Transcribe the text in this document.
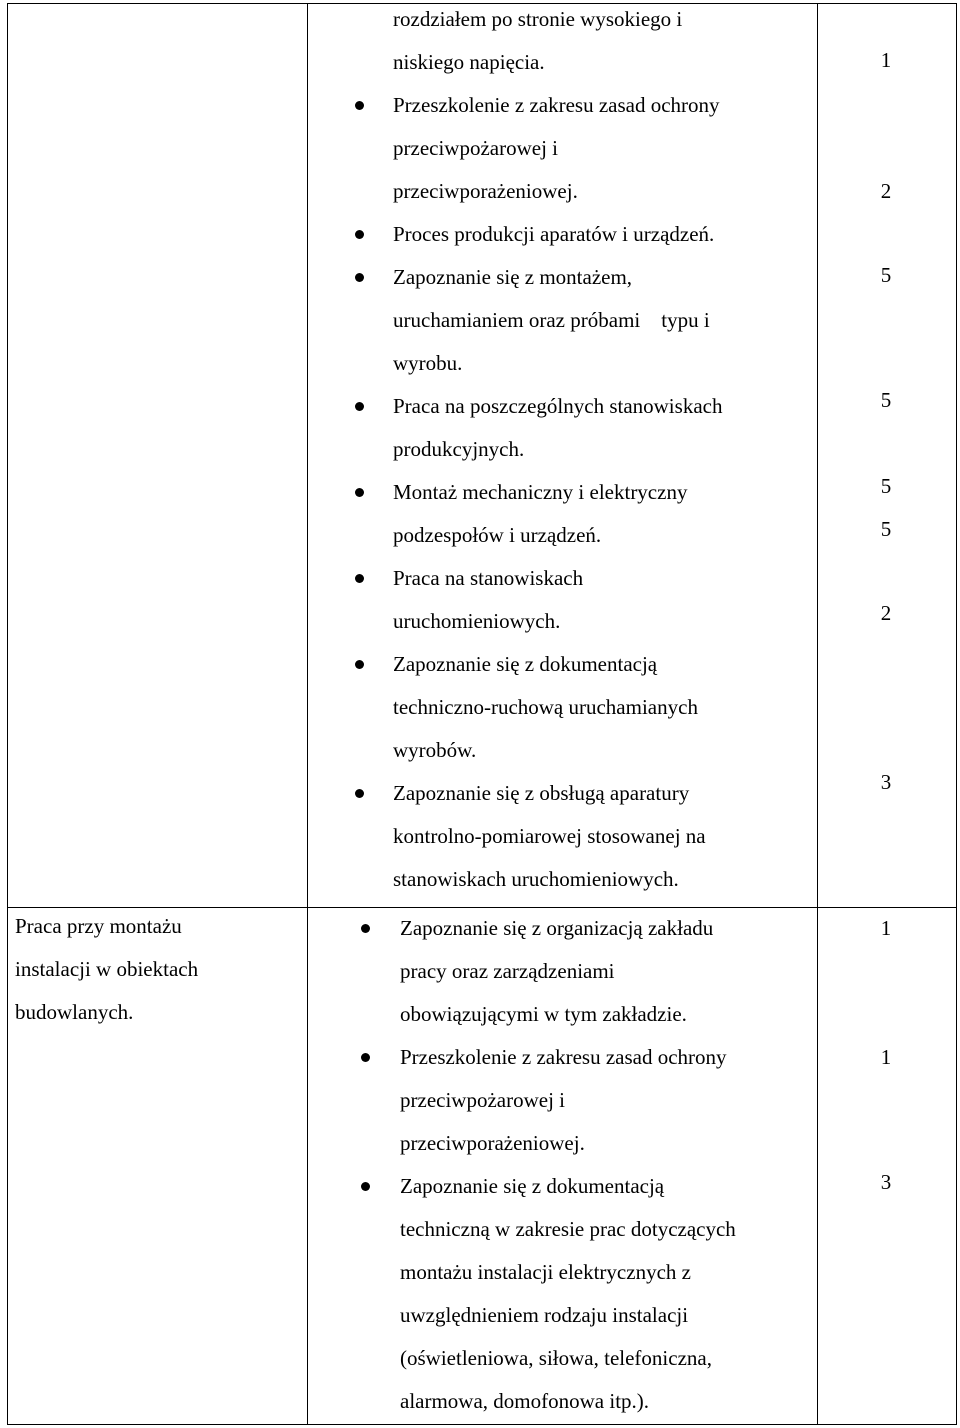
rozdziałem po stronie wysokiego i
niskiego napięcia.
Przeszkolenie z zakresu zasad ochrony
przeciwpożarowej i
przeciwporażeniowej.
Proces produkcji aparatów i urządzeń.
Zapoznanie się z montażem,
uruchamianiem oraz próbami    typu i
wyrobu.
Praca na poszczególnych stanowiskach
produkcyjnych.
Montaż mechaniczny i elektryczny
podzespołów i urządzeń.
Praca na stanowiskach
uruchomieniowych.
Zapoznanie się z dokumentacją
techniczno-ruchową uruchamianych
wyrobów.
Zapoznanie się z obsługą aparatury
kontrolno-pomiarowej stosowanej na
stanowiskach uruchomieniowych.
1
2
5
5
5
5
2
3
Praca przy montażu
instalacji w obiektach
budowlanych.
Zapoznanie się z organizacją zakładu
pracy oraz zarządzeniami
obowiązującymi w tym zakładzie.
Przeszkolenie z zakresu zasad ochrony
przeciwpożarowej i
przeciwporażeniowej.
Zapoznanie się z dokumentacją
techniczną w zakresie prac dotyczących
montażu instalacji elektrycznych z
uwzględnieniem rodzaju instalacji
(oświetleniowa, siłowa, telefoniczna,
alarmowa, domofonowa itp.).
1
1
3
